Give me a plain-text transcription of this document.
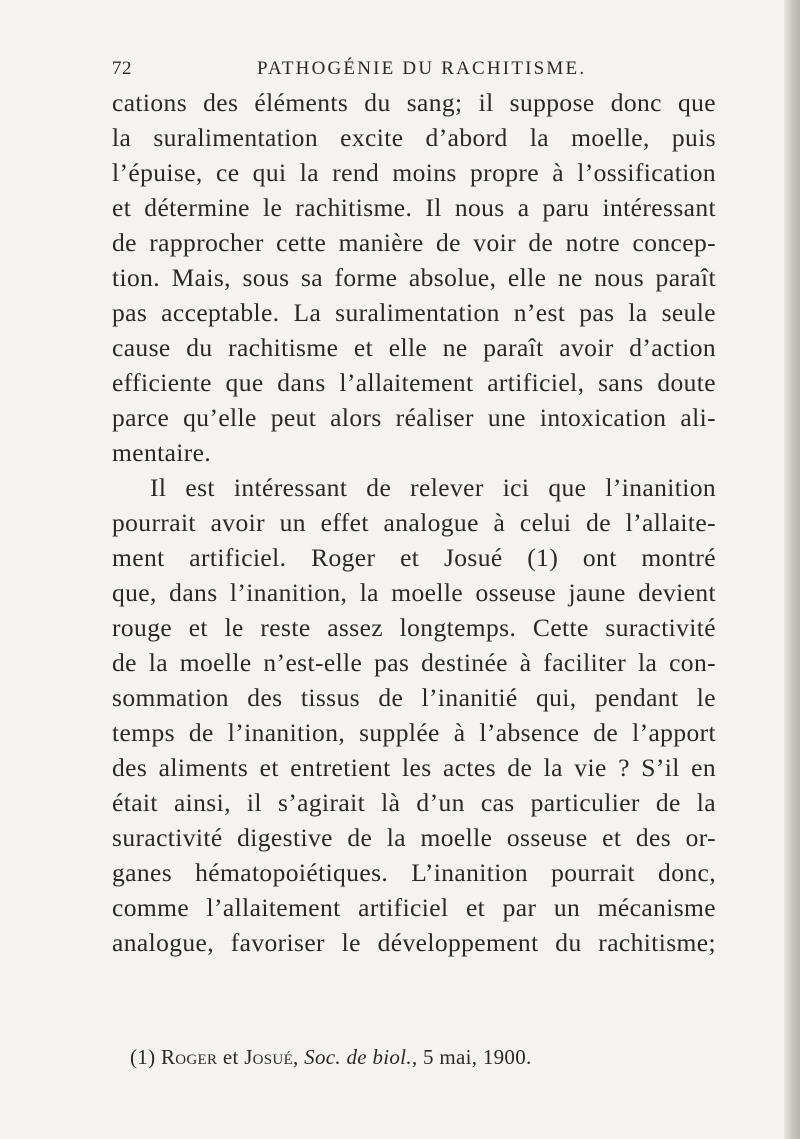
72	PATHOGÉNIE DU RACHITISME.
cations des éléments du sang; il suppose donc que
la suralimentation excite d’abord la moelle, puis
l’épuise, ce qui la rend moins propre à l’ossification
et détermine le rachitisme. Il nous a paru intéressant
de rapprocher cette manière de voir de notre concep-
tion. Mais, sous sa forme absolue, elle ne nous paraît
pas acceptable. La suralimentation n’est pas la seule
cause du rachitisme et elle ne paraît avoir d’action
efficiente que dans l’allaitement artificiel, sans doute
parce qu’elle peut alors réaliser une intoxication ali-
mentaire.
Il est intéressant de relever ici que l’inanition
pourrait avoir un effet analogue à celui de l’allaite-
ment artificiel. Roger et Josué (1) ont montré
que, dans l’inanition, la moelle osseuse jaune devient
rouge et le reste assez longtemps. Cette suractivité
de la moelle n’est-elle pas destinée à faciliter la con-
sommation des tissus de l’inanitié qui, pendant le
temps de l’inanition, supplée à l’absence de l’apport
des aliments et entretient les actes de la vie ? S’il en
était ainsi, il s’agirait là d’un cas particulier de la
suractivité digestive de la moelle osseuse et des or-
ganes hématopoiétiques. L’inanition pourrait donc,
comme l’allaitement artificiel et par un mécanisme
analogue, favoriser le développement du rachitisme;
(1) Roger et Josué, Soc. de biol., 5 mai, 1900.
